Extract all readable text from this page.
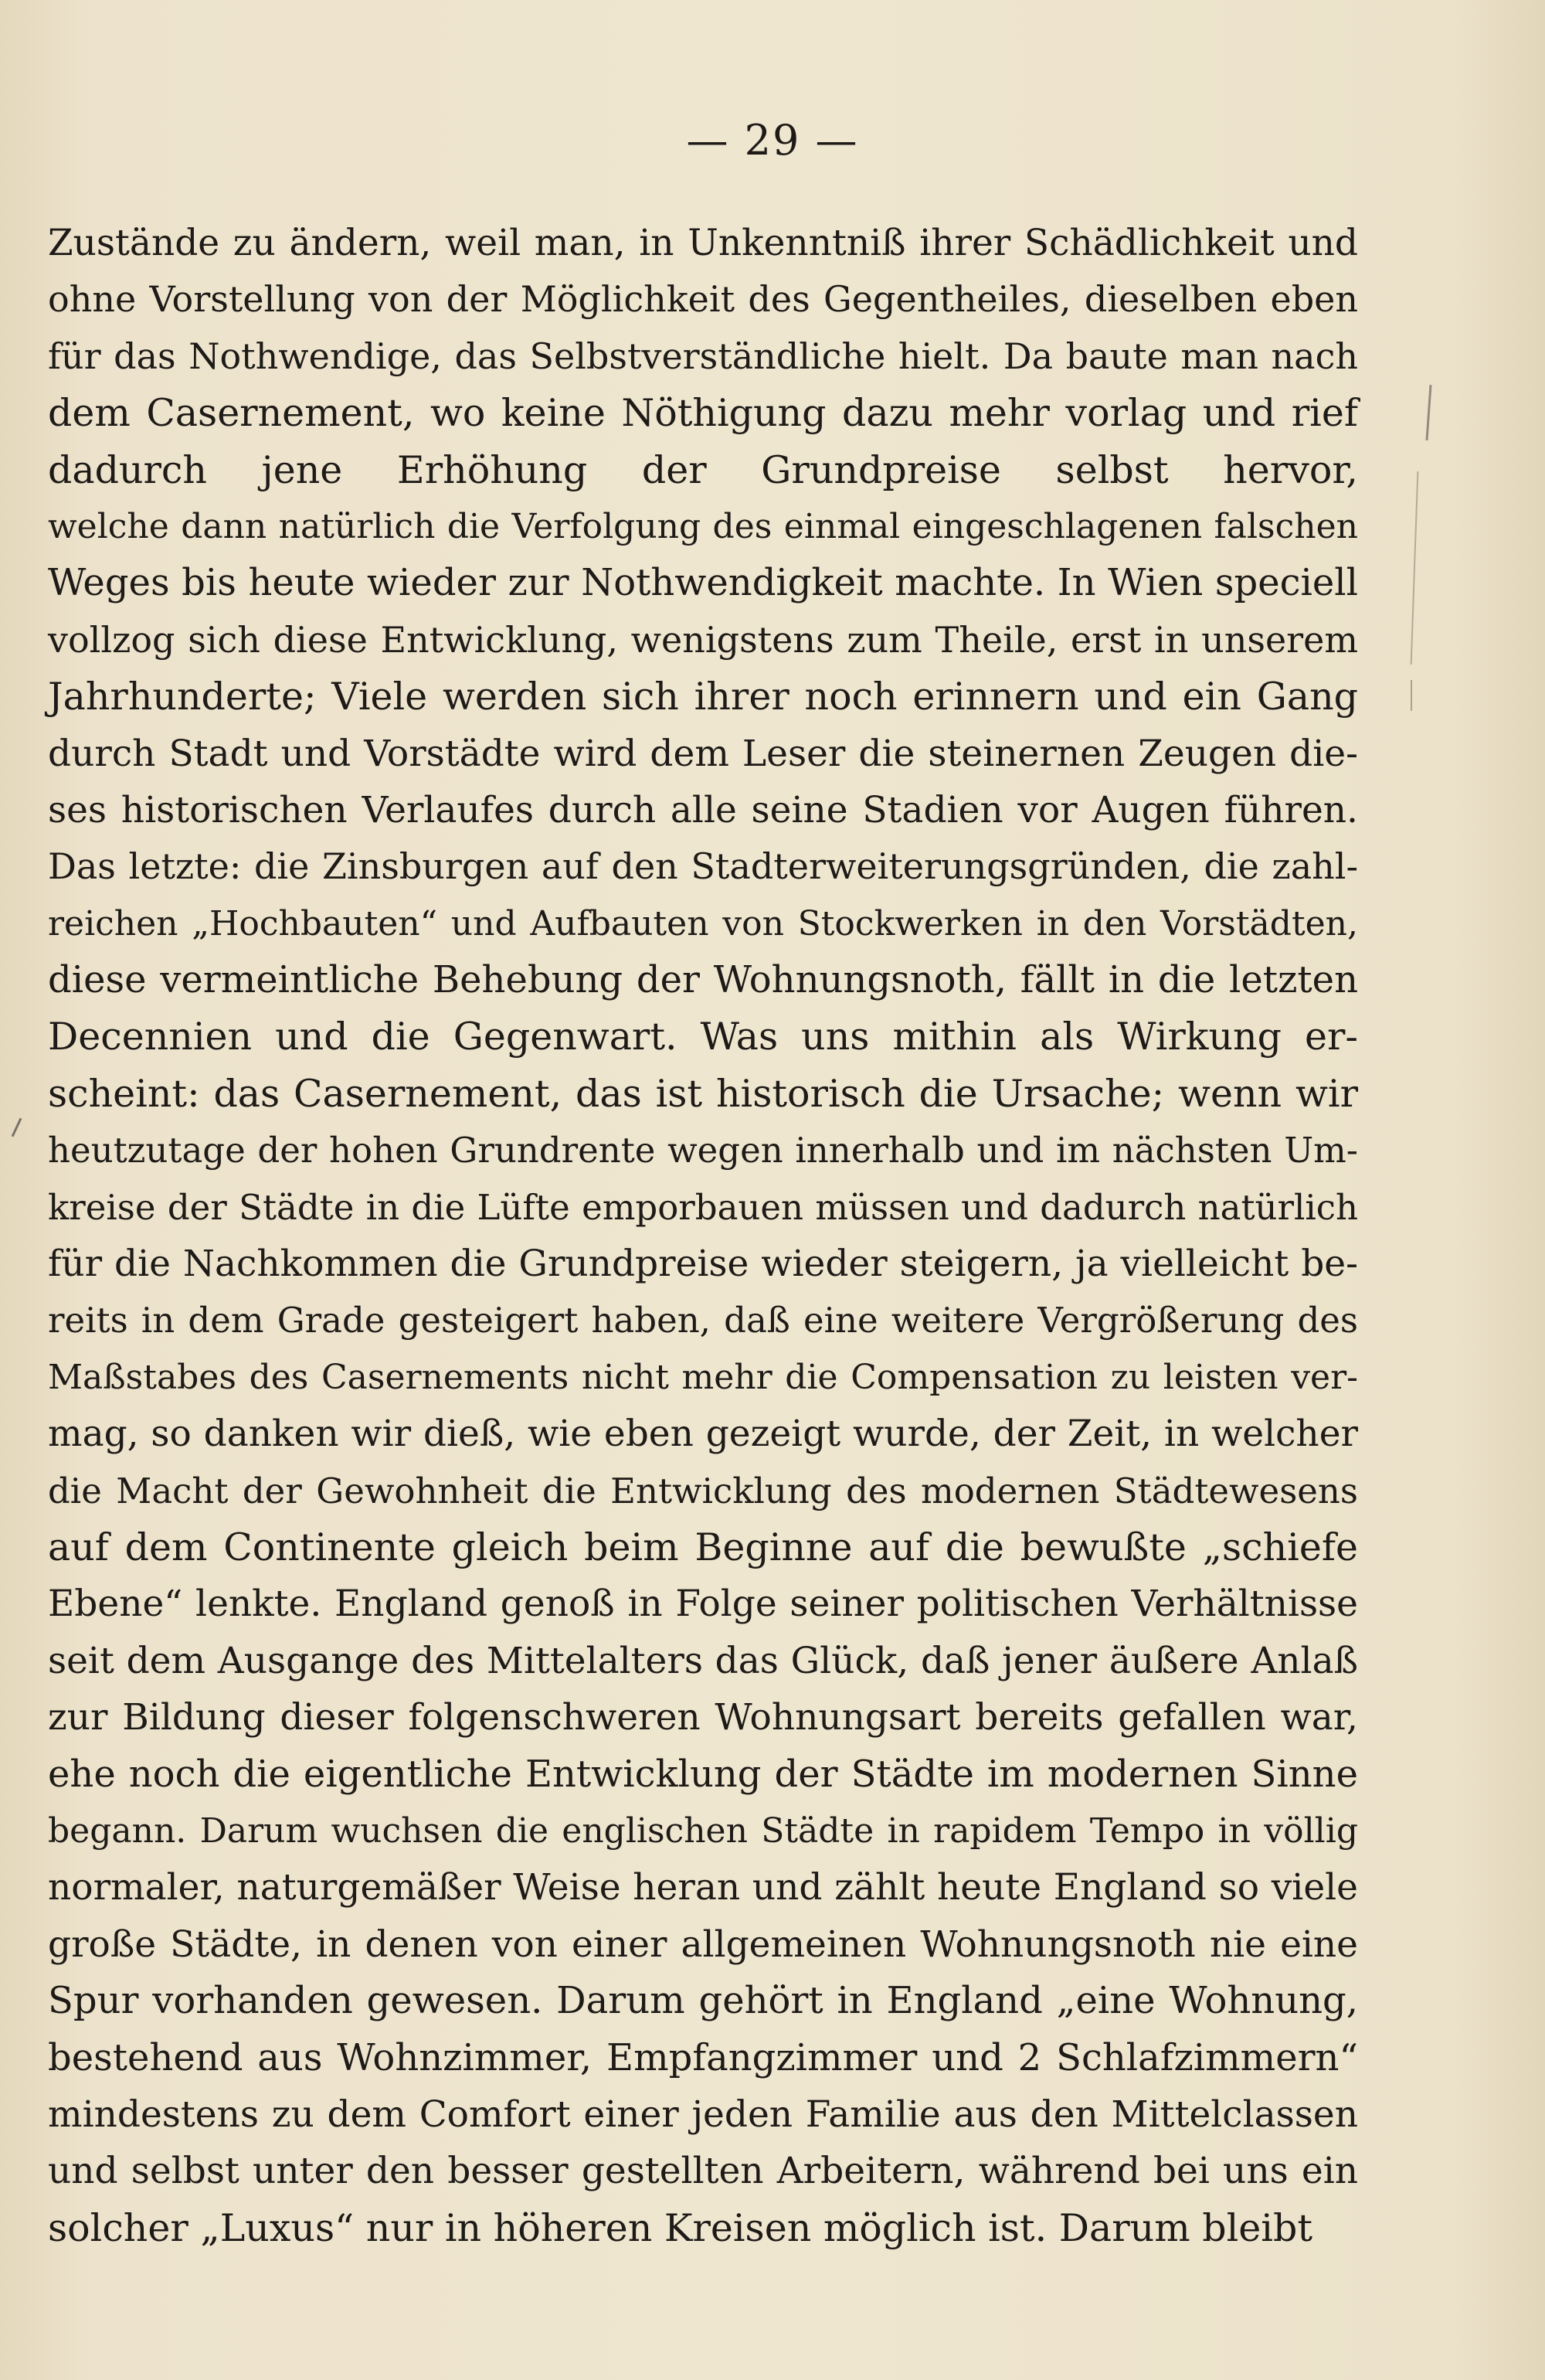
— 29 —
Zustände zu ändern, weil man, in Unkenntniß ihrer Schädlichkeit und
ohne Vorstellung von der Möglichkeit des Gegentheiles, dieselben eben
für das Nothwendige, das Selbstverständliche hielt. Da baute man nach
dem Casernement, wo keine Nöthigung dazu mehr vorlag und rief
dadurch jene Erhöhung der Grundpreise selbst hervor,
welche dann natürlich die Verfolgung des einmal eingeschlagenen falschen
Weges bis heute wieder zur Nothwendigkeit machte. In Wien speciell
vollzog sich diese Entwicklung, wenigstens zum Theile, erst in unserem
Jahrhunderte; Viele werden sich ihrer noch erinnern und ein Gang
durch Stadt und Vorstädte wird dem Leser die steinernen Zeugen die-
ses historischen Verlaufes durch alle seine Stadien vor Augen führen.
Das letzte: die Zinsburgen auf den Stadterweiterungsgründen, die zahl-
reichen „Hochbauten“ und Aufbauten von Stockwerken in den Vorstädten,
diese vermeintliche Behebung der Wohnungsnoth, fällt in die letzten
Decennien und die Gegenwart. Was uns mithin als Wirkung er-
scheint: das Casernement, das ist historisch die Ursache; wenn wir
heutzutage der hohen Grundrente wegen innerhalb und im nächsten Um-
kreise der Städte in die Lüfte emporbauen müssen und dadurch natürlich
für die Nachkommen die Grundpreise wieder steigern, ja vielleicht be-
reits in dem Grade gesteigert haben, daß eine weitere Vergrößerung des
Maßstabes des Casernements nicht mehr die Compensation zu leisten ver-
mag, so danken wir dieß, wie eben gezeigt wurde, der Zeit, in welcher
die Macht der Gewohnheit die Entwicklung des modernen Städtewesens
auf dem Continente gleich beim Beginne auf die bewußte „schiefe
Ebene“ lenkte. England genoß in Folge seiner politischen Verhältnisse
seit dem Ausgange des Mittelalters das Glück, daß jener äußere Anlaß
zur Bildung dieser folgenschweren Wohnungsart bereits gefallen war,
ehe noch die eigentliche Entwicklung der Städte im modernen Sinne
begann. Darum wuchsen die englischen Städte in rapidem Tempo in völlig
normaler, naturgemäßer Weise heran und zählt heute England so viele
große Städte, in denen von einer allgemeinen Wohnungsnoth nie eine
Spur vorhanden gewesen. Darum gehört in England „eine Wohnung,
bestehend aus Wohnzimmer, Empfangzimmer und 2 Schlafzimmern“
mindestens zu dem Comfort einer jeden Familie aus den Mittelclassen
und selbst unter den besser gestellten Arbeitern, während bei uns ein
solcher „Luxus“ nur in höheren Kreisen möglich ist. Darum bleibt
